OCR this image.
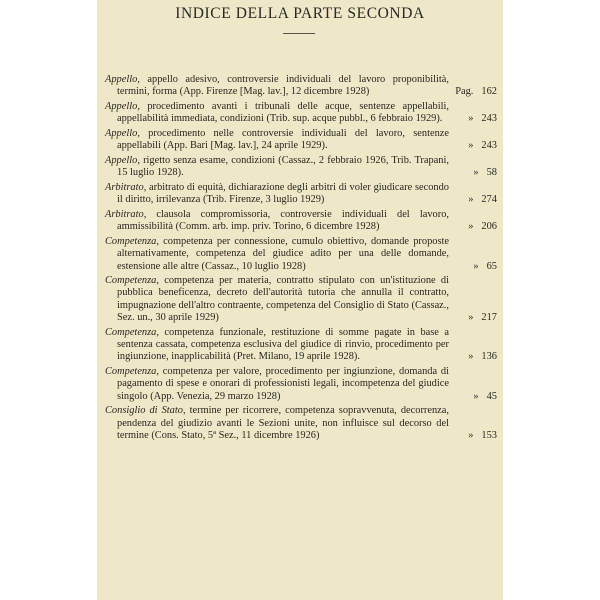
INDICE DELLA PARTE SECONDA
Appello, appello adesivo, controversie individuali del lavoro proponibilità, termini, forma (App. Firenze [Mag. lav.], 12 dicembre 1928)	Pag. 162
Appello, procedimento avanti i tribunali delle acque, sentenze appellabili, appellabilità immediata, condizioni (Trib. sup. acque pubbl., 6 febbraio 1929). » 243
Appello, procedimento nelle controversie individuali del lavoro, sentenze appellabili (App. Bari [Mag. lav.], 24 aprile 1929).	» 243
Appello, rigetto senza esame, condizioni (Cassaz., 2 febbraio 1926, Trib. Trapani, 15 luglio 1928).	» 58
Arbitrato, arbitrato di equità, dichiarazione degli arbitri di voler giudicare secondo il diritto, irrilevanza (Trib. Firenze, 3 luglio 1929)	» 274
Arbitrato, clausola compromissoria, controversie individuali del lavoro, ammissibilità (Comm. arb. imp. priv. Torino, 6 dicembre 1928)	» 206
Competenza, competenza per connessione, cumulo obiettivo, domande proposte alternativamente, competenza del giudice adito per una delle domande, estensione alle altre (Cassaz., 10 luglio 1928)	» 65
Competenza, competenza per materia, contratto stipulato con un'istituzione di pubblica beneficenza, decreto dell'autorità tutoria che annulla il contratto, impugnazione dell'altro contraente, competenza del Consiglio di Stato (Cassaz., Sez. un., 30 aprile 1929)	» 217
Competenza, competenza funzionale, restituzione di somme pagate in base a sentenza cassata, competenza esclusiva del giudice di rinvio, procedimento per ingiunzione, inapplicabilità (Pret. Milano, 19 aprile 1928).	» 136
Competenza, competenza per valore, procedimento per ingiunzione, domanda di pagamento di spese e onorari di professionisti legali, incompetenza del giudice singolo (App. Venezia, 29 marzo 1928)	» 45
Consiglio di Stato, termine per ricorrere, competenza sopravvenuta, decorrenza, pendenza del giudizio avanti le Sezioni unite, non influisce sul decorso del termine (Cons. Stato, 5ª Sez., 11 dicembre 1926)	» 153
